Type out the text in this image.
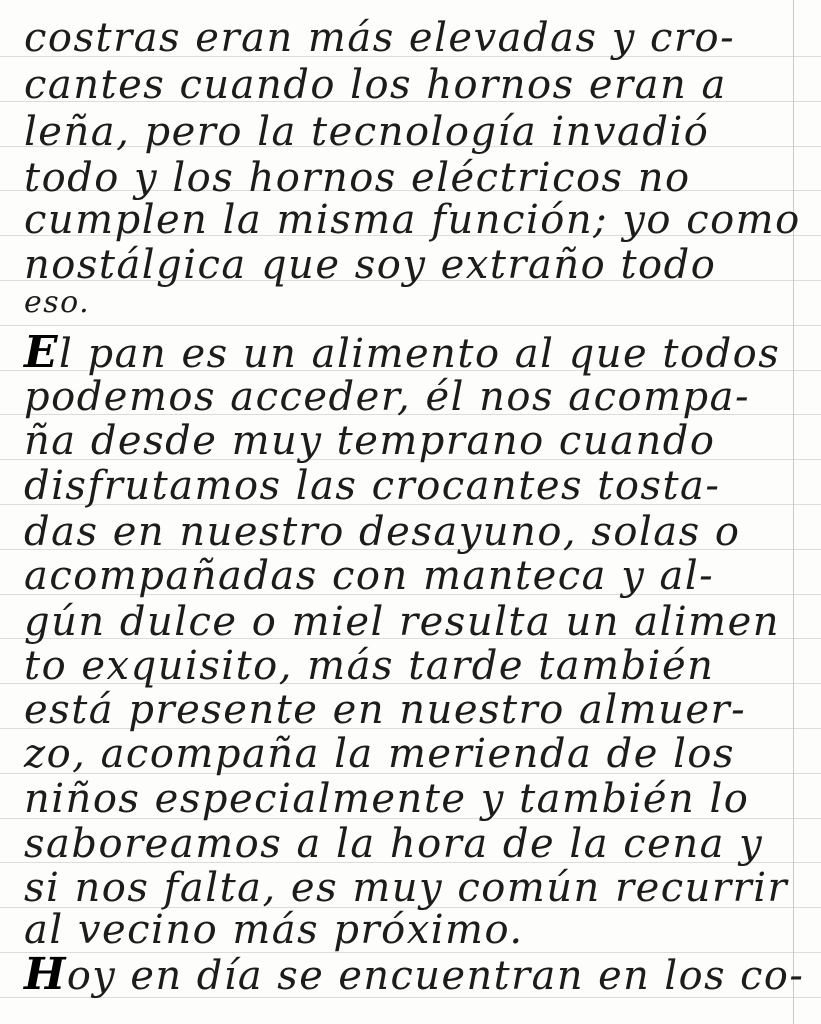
costras eran más elevadas y cro-
cantes cuando los hornos eran a
leña, pero la tecnología invadió
todo y los hornos eléctricos no
cumplen la misma función; yo como
nostálgica que soy extraño todo
eso.
El pan es un alimento al que todos
podemos acceder, él nos acompa-
ña desde muy temprano cuando
disfrutamos las crocantes tosta-
das en nuestro desayuno, solas o
acompañadas con manteca y al-
gún dulce o miel resulta un alimen
to exquisito, más tarde también
está presente en nuestro almuer-
zo, acompaña la merienda de los
niños especialmente y también lo
saboreamos a la hora de la cena y
si nos falta, es muy común recurrir
al vecino más próximo.
Hoy en día se encuentran en los co-
